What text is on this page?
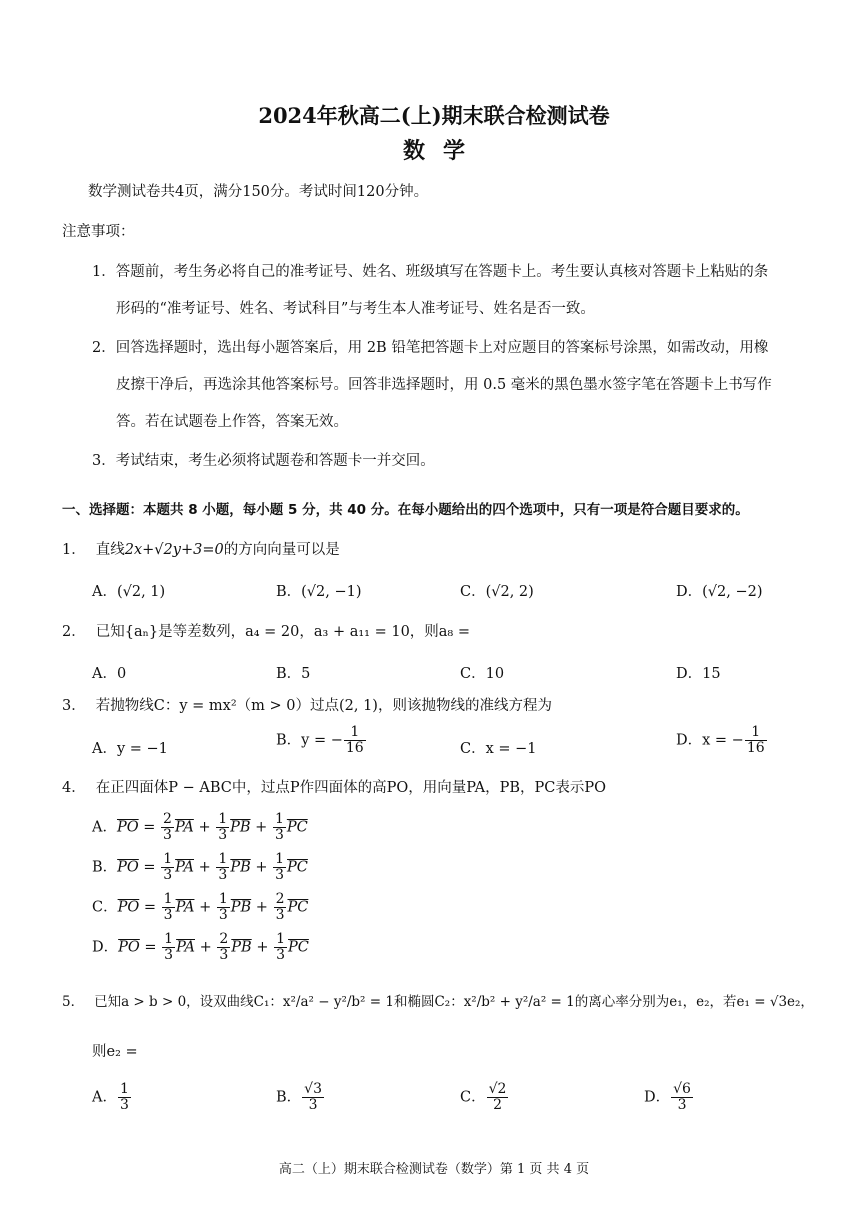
2024年秋高二(上)期末联合检测试卷
数学
数学测试卷共4页，满分150分。考试时间120分钟。
注意事项：
1．答题前，考生务必将自己的准考证号、姓名、班级填写在答题卡上。考生要认真核对答题卡上粘贴的条
形码的“准考证号、姓名、考试科目”与考生本人准考证号、姓名是否一致。
2．回答选择题时，选出每小题答案后，用 2B 铅笔把答题卡上对应题目的答案标号涂黑，如需改动，用橡
皮擦干净后，再选涂其他答案标号。回答非选择题时，用 0.5 毫米的黑色墨水签字笔在答题卡上书写作
答。若在试题卷上作答，答案无效。
3．考试结束，考生必须将试题卷和答题卡一并交回。
一、选择题：本题共 8 小题，每小题 5 分，共 40 分。在每小题给出的四个选项中，只有一项是符合题目要求的。
1． 直线2x+√2y+3=0的方向向量可以是
A．(√2, 1)	B．(√2, −1)	C．(√2, 2)	D．(√2, −2)
2． 已知{aₙ}是等差数列，a₄ = 20，a₃ + a₁₁ = 10，则a₈ =
A．0	B．5	C．10	D．15
3． 若抛物线C：y = mx²（m > 0）过点(2, 1)，则该抛物线的准线方程为
A．y = −1
B．y = − $\frac{1}{16}$	C．x = −1
D．x = − $\frac{1}{16}$
4． 在正四面体P − ABC中，过点P作四面体的高PO，用向量PA，PB，PC表示PO
A．$\overline{PO} = \frac{2}{3} \overline{PA} + \frac{1}{3} \overline{PB} + \frac{1}{3} \overline{PC}$
B．$\overline{PO} = \frac{1}{3} \overline{PA} + \frac{1}{3} \overline{PB} + \frac{1}{3} \overline{PC}$
C．$\overline{PO} = \frac{1}{3} \overline{PA} + \frac{1}{3} \overline{PB} + \frac{2}{3} \overline{PC}$
D．$\overline{PO} = \frac{1}{3} \overline{PA} + \frac{2}{3} \overline{PB} + \frac{1}{3} \overline{PC}$
5． 已知a > b > 0，设双曲线C₁：x²/a² − y²/b² = 1和椭圆C₂：x²/b² + y²/a² = 1的离心率分别为e₁，e₂，若e₁ = √3e₂，
则e₂ =
A． $\frac{1}{3}$	B． $\frac{√3}{3}$	C． $\frac{√2}{2}$	D． $\frac{√6}{3}$
高二（上）期末联合检测试卷（数学）第 1 页 共 4 页
